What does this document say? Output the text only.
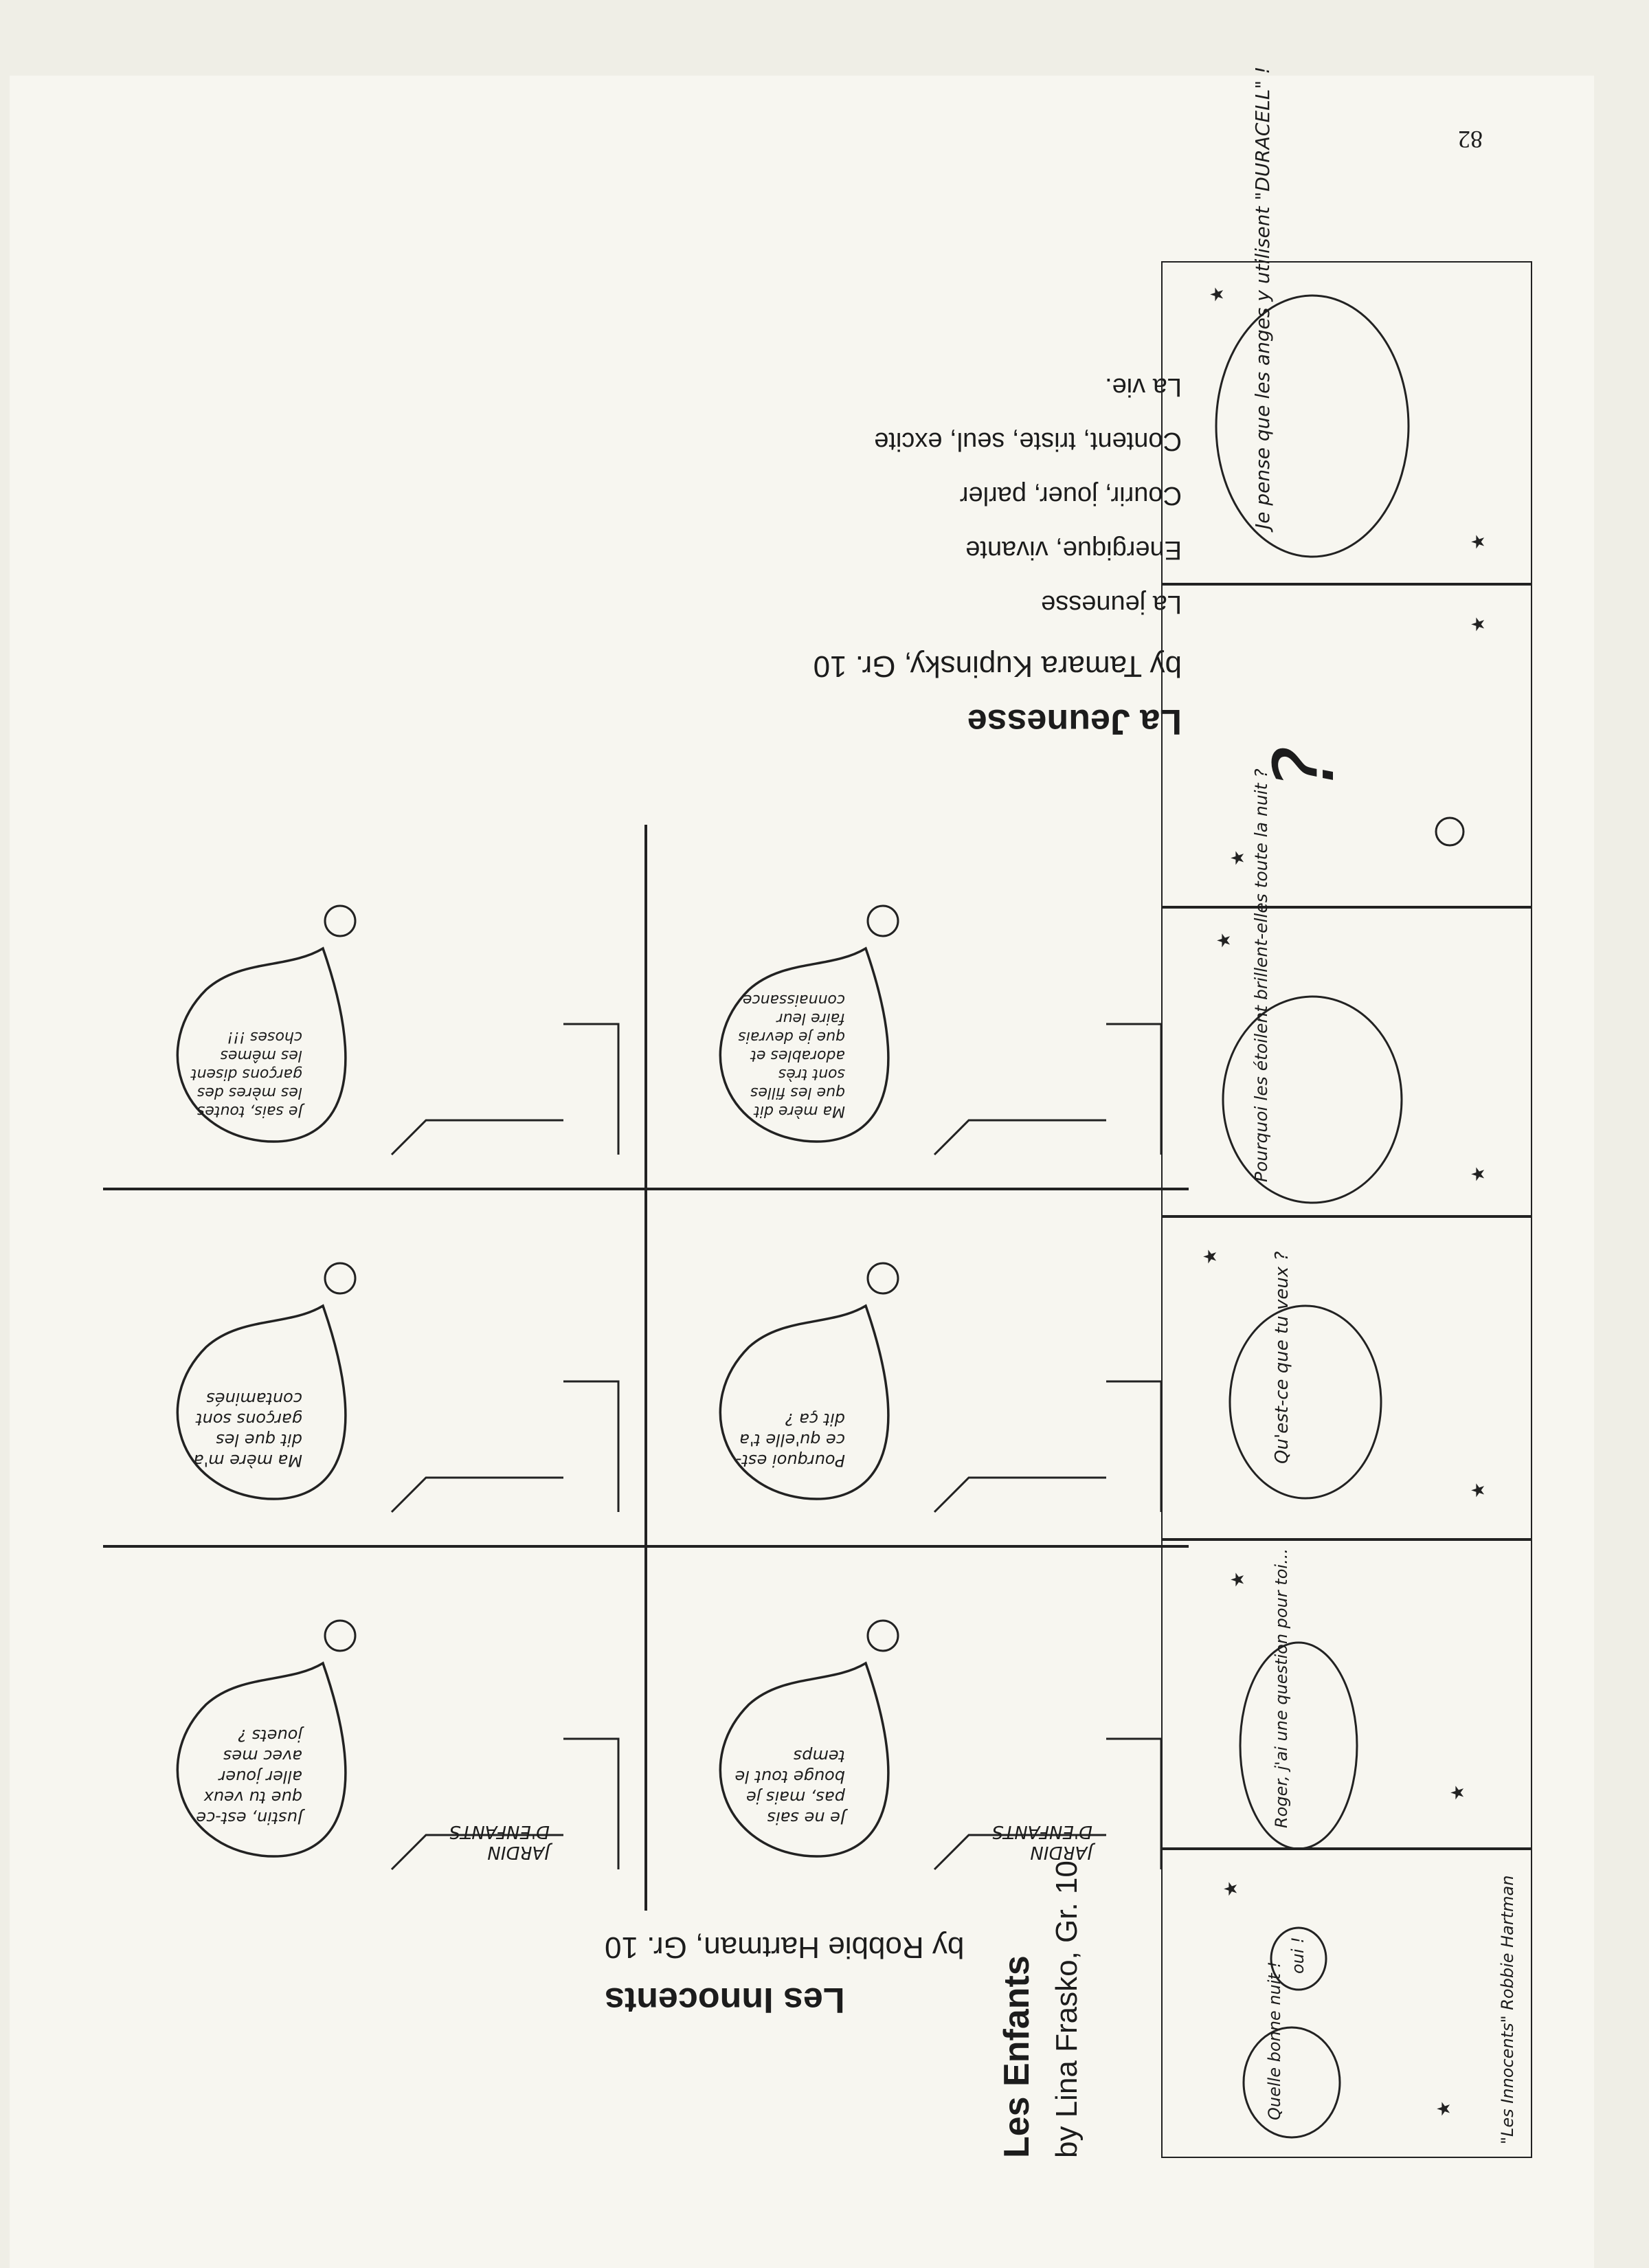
82
La Jeunesse
by Tamara Kupinsky, Gr. 10
La jeunesse
Energique, vivante
Courir, jouer, parler
Content, triste, seul, excite
La vie.
Les Innocents
by Robbie Hartman, Gr. 10
JARDIN D'ENFANTS
JARDIN D'ENFANTS
Pourquoi est-ce qu'elle t'a dit ça ?
Ma mère dit que les filles sont très adorables et que je devrais faire leur connaissance
Justin, est-ce que tu veux aller jouer avec mes jouets ?
Ma mère m'a dit que les garçons sont contaminés
Je ne sais pas, mais je bouge tout le temps
Je sais, toutes les mères des garçons disent les mêmes choses !!!
Les Enfants by Lina Frasko, Gr. 10	★
★
★
★
★
★
★
★
★
★
★
★
"Les Innocents" Robbie Hartman
Quelle bonne nuit !
oui !
Roger, j'ai une question pour toi...
Qu'est-ce que tu veux ?
Pourquoi les étoilent brillent-elles toute la nuit ?
?
Je pense que les anges y utilisent "DURACELL" !
